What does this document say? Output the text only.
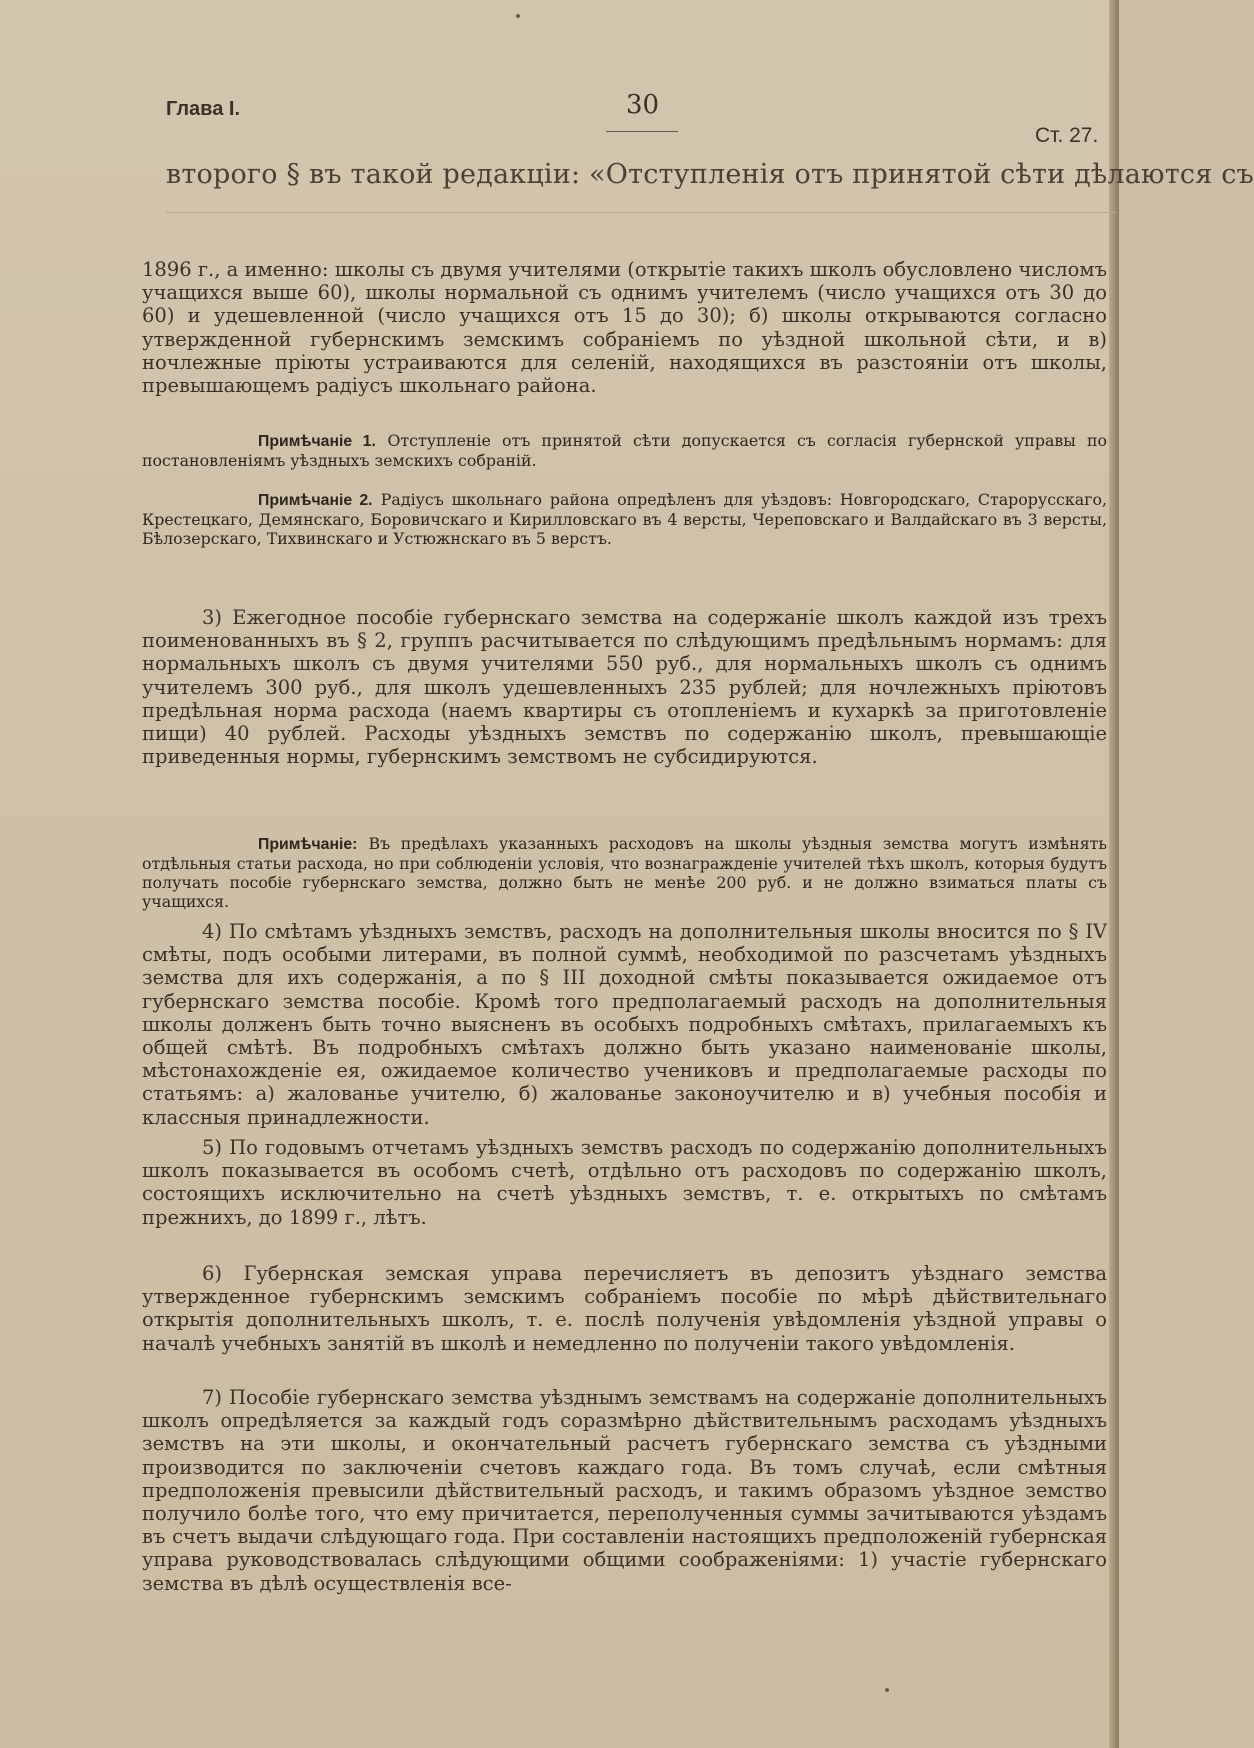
Глава I.	30
Ст. 27.
второго § въ такой редакціи: «Отступленія отъ принятой сѣти дѣлаются съ
1896 г., а именно: школы съ двумя учителями (открытіе такихъ школъ обусловлено числомъ учащихся выше 60), школы нормальной съ однимъ учителемъ (число учащихся отъ 30 до 60) и удешевленной (число учащихся отъ 15 до 30); б) школы открываются согласно утвержденной губернскимъ земскимъ собраніемъ по уѣздной школьной сѣти, и в) ночлежные пріюты устраиваются для селеній, находящихся въ разстояніи отъ школы, превышающемъ радіусъ школьнаго района.
Примѣчаніе 1. Отступленіе отъ принятой сѣти допускается съ согласія губернской управы по постановленіямъ уѣздныхъ земскихъ собраній.
Примѣчаніе 2. Радіусъ школьнаго района опредѣленъ для уѣздовъ: Новгородскаго, Старорусскаго, Крестецкаго, Демянскаго, Боровичскаго и Кирилловскаго въ 4 версты, Череповскаго и Валдайскаго въ 3 версты, Бѣлозерскаго, Тихвинскаго и Устюжнскаго въ 5 верстъ.
3) Ежегодное пособіе губернскаго земства на содержаніе школъ каждой изъ трехъ поименованныхъ въ § 2, группъ расчитывается по слѣдующимъ предѣльнымъ нормамъ: для нормальныхъ школъ съ двумя учителями 550 руб., для нормальныхъ школъ съ однимъ учителемъ 300 руб., для школъ удешевленныхъ 235 рублей; для ночлежныхъ пріютовъ предѣльная норма расхода (наемъ квартиры съ отопленіемъ и кухаркѣ за приготовленіе пищи) 40 рублей. Расходы уѣздныхъ земствъ по содержанію школъ, превышающіе приведенныя нормы, губернскимъ земствомъ не субсидируются.
Примѣчаніе: Въ предѣлахъ указанныхъ расходовъ на школы уѣздныя земства могутъ измѣнять отдѣльныя статьи расхода, но при соблюденіи условія, что вознагражденіе учителей тѣхъ школъ, которыя будутъ получать пособіе губернскаго земства, должно быть не менѣе 200 руб. и не должно взиматься платы съ учащихся.
4) По смѣтамъ уѣздныхъ земствъ, расходъ на дополнительныя школы вносится по § IV смѣты, подъ особыми литерами, въ полной суммѣ, необходимой по разсчетамъ уѣздныхъ земства для ихъ содержанія, а по § III доходной смѣты показывается ожидаемое отъ губернскаго земства пособіе. Кромѣ того предполагаемый расходъ на дополнительныя школы долженъ быть точно выясненъ въ особыхъ подробныхъ смѣтахъ, прилагаемыхъ къ общей смѣтѣ. Въ подробныхъ смѣтахъ должно быть указано наименованіе школы, мѣстонахожденіе ея, ожидаемое количество учениковъ и предполагаемые расходы по статьямъ: а) жалованье учителю, б) жалованье законоучителю и в) учебныя пособія и классныя принадлежности.
5) По годовымъ отчетамъ уѣздныхъ земствъ расходъ по содержанію дополнительныхъ школъ показывается въ особомъ счетѣ, отдѣльно отъ расходовъ по содержанію школъ, состоящихъ исключительно на счетѣ уѣздныхъ земствъ, т. е. открытыхъ по смѣтамъ прежнихъ, до 1899 г., лѣтъ.
6) Губернская земская управа перечисляетъ въ депозитъ уѣзднаго земства утвержденное губернскимъ земскимъ собраніемъ пособіе по мѣрѣ дѣйствительнаго открытія дополнительныхъ школъ, т. е. послѣ полученія увѣдомленія уѣздной управы о началѣ учебныхъ занятій въ школѣ и немедленно по полученіи такого увѣдомленія.
7) Пособіе губернскаго земства уѣзднымъ земствамъ на содержаніе дополнительныхъ школъ опредѣляется за каждый годъ соразмѣрно дѣйствительнымъ расходамъ уѣздныхъ земствъ на эти школы, и окончательный расчетъ губернскаго земства съ уѣздными производится по заключеніи счетовъ каждаго года. Въ томъ случаѣ, если смѣтныя предположенія превысили дѣйствительный расходъ, и такимъ образомъ уѣздное земство получило болѣе того, что ему причитается, переполученныя суммы зачитываются уѣздамъ въ счетъ выдачи слѣдующаго года. При составленіи настоящихъ предположеній губернская управа руководствовалась слѣдующими общими соображеніями: 1) участіе губернскаго земства въ дѣлѣ осуществленія все-
